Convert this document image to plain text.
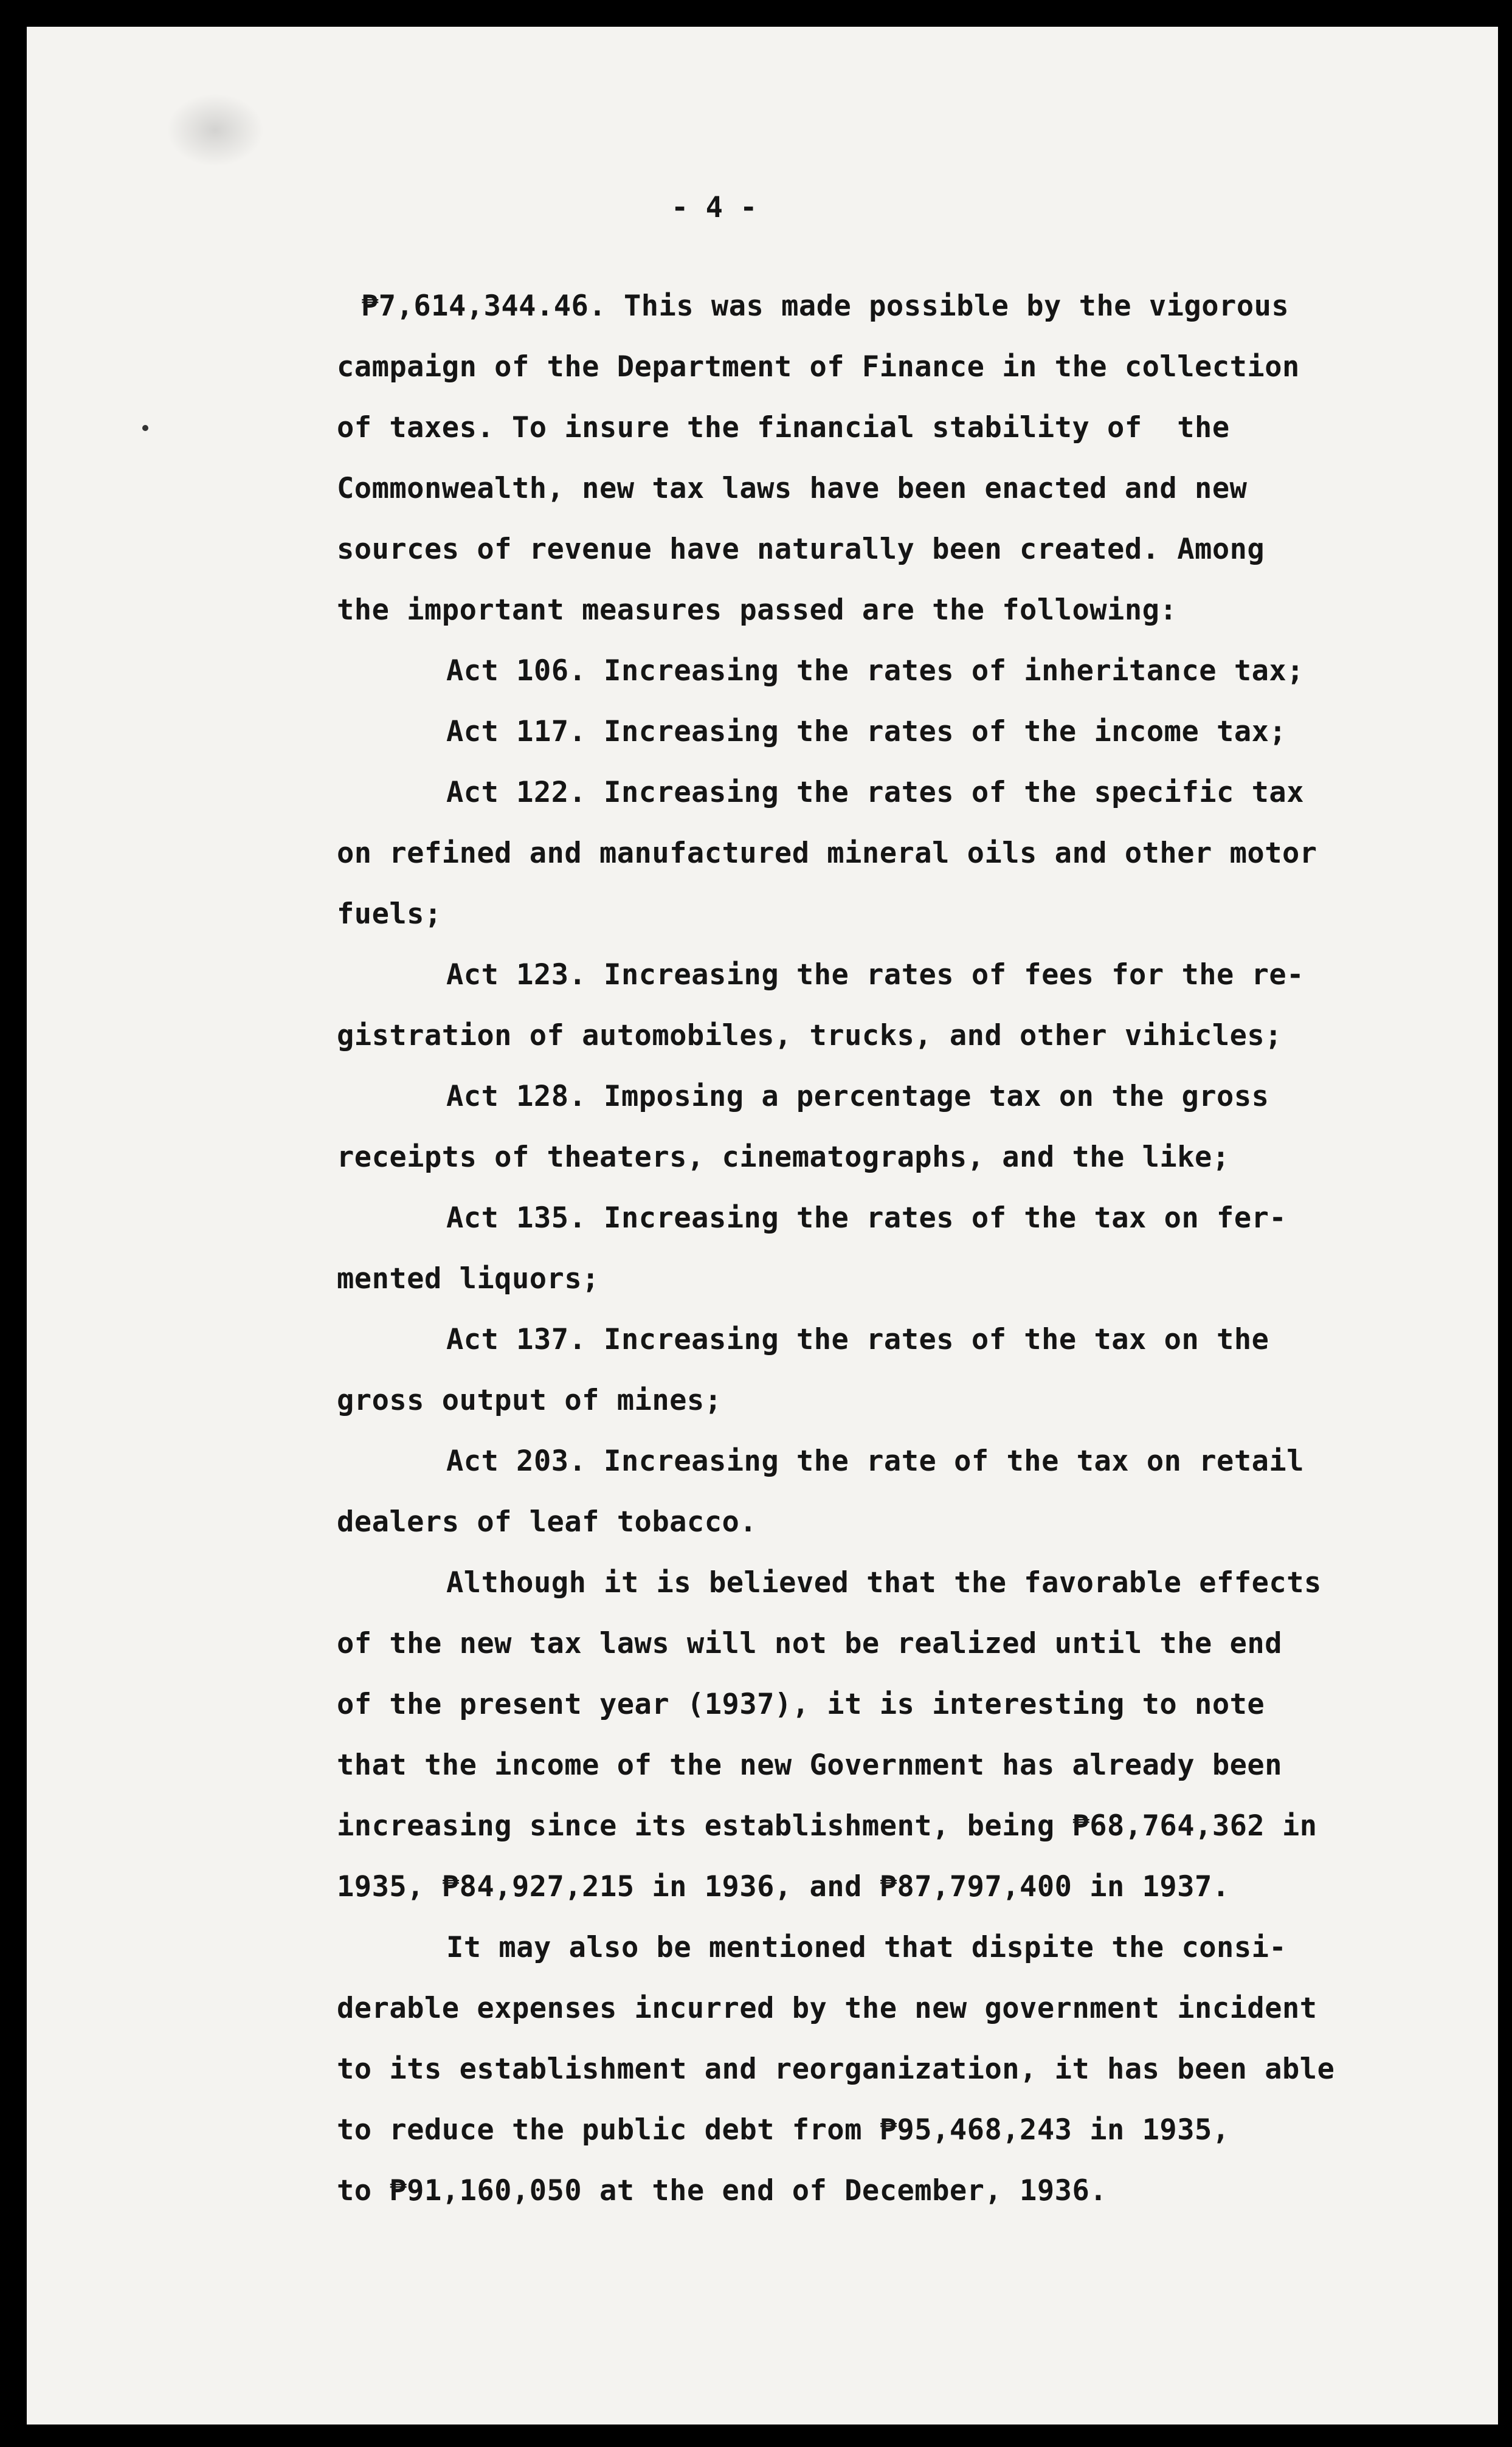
- 4 -
₱7,614,344.46. This was made possible by the vigorous
campaign of the Department of Finance in the collection
of taxes. To insure the financial stability of  the
Commonwealth, new tax laws have been enacted and new
sources of revenue have naturally been created. Among
the important measures passed are the following:
Act 106. Increasing the rates of inheritance tax;
Act 117. Increasing the rates of the income tax;
Act 122. Increasing the rates of the specific tax
on refined and manufactured mineral oils and other motor
fuels;
Act 123. Increasing the rates of fees for the re-
gistration of automobiles, trucks, and other vihicles;
Act 128. Imposing a percentage tax on the gross
receipts of theaters, cinematographs, and the like;
Act 135. Increasing the rates of the tax on fer-
mented liquors;
Act 137. Increasing the rates of the tax on the
gross output of mines;
Act 203. Increasing the rate of the tax on retail
dealers of leaf tobacco.
Although it is believed that the favorable effects
of the new tax laws will not be realized until the end
of the present year (1937), it is interesting to note
that the income of the new Government has already been
increasing since its establishment, being ₱68,764,362 in
1935, ₱84,927,215 in 1936, and ₱87,797,400 in 1937.
It may also be mentioned that dispite the consi-
derable expenses incurred by the new government incident
to its establishment and reorganization, it has been able
to reduce the public debt from ₱95,468,243 in 1935,
to ₱91,160,050 at the end of December, 1936.
